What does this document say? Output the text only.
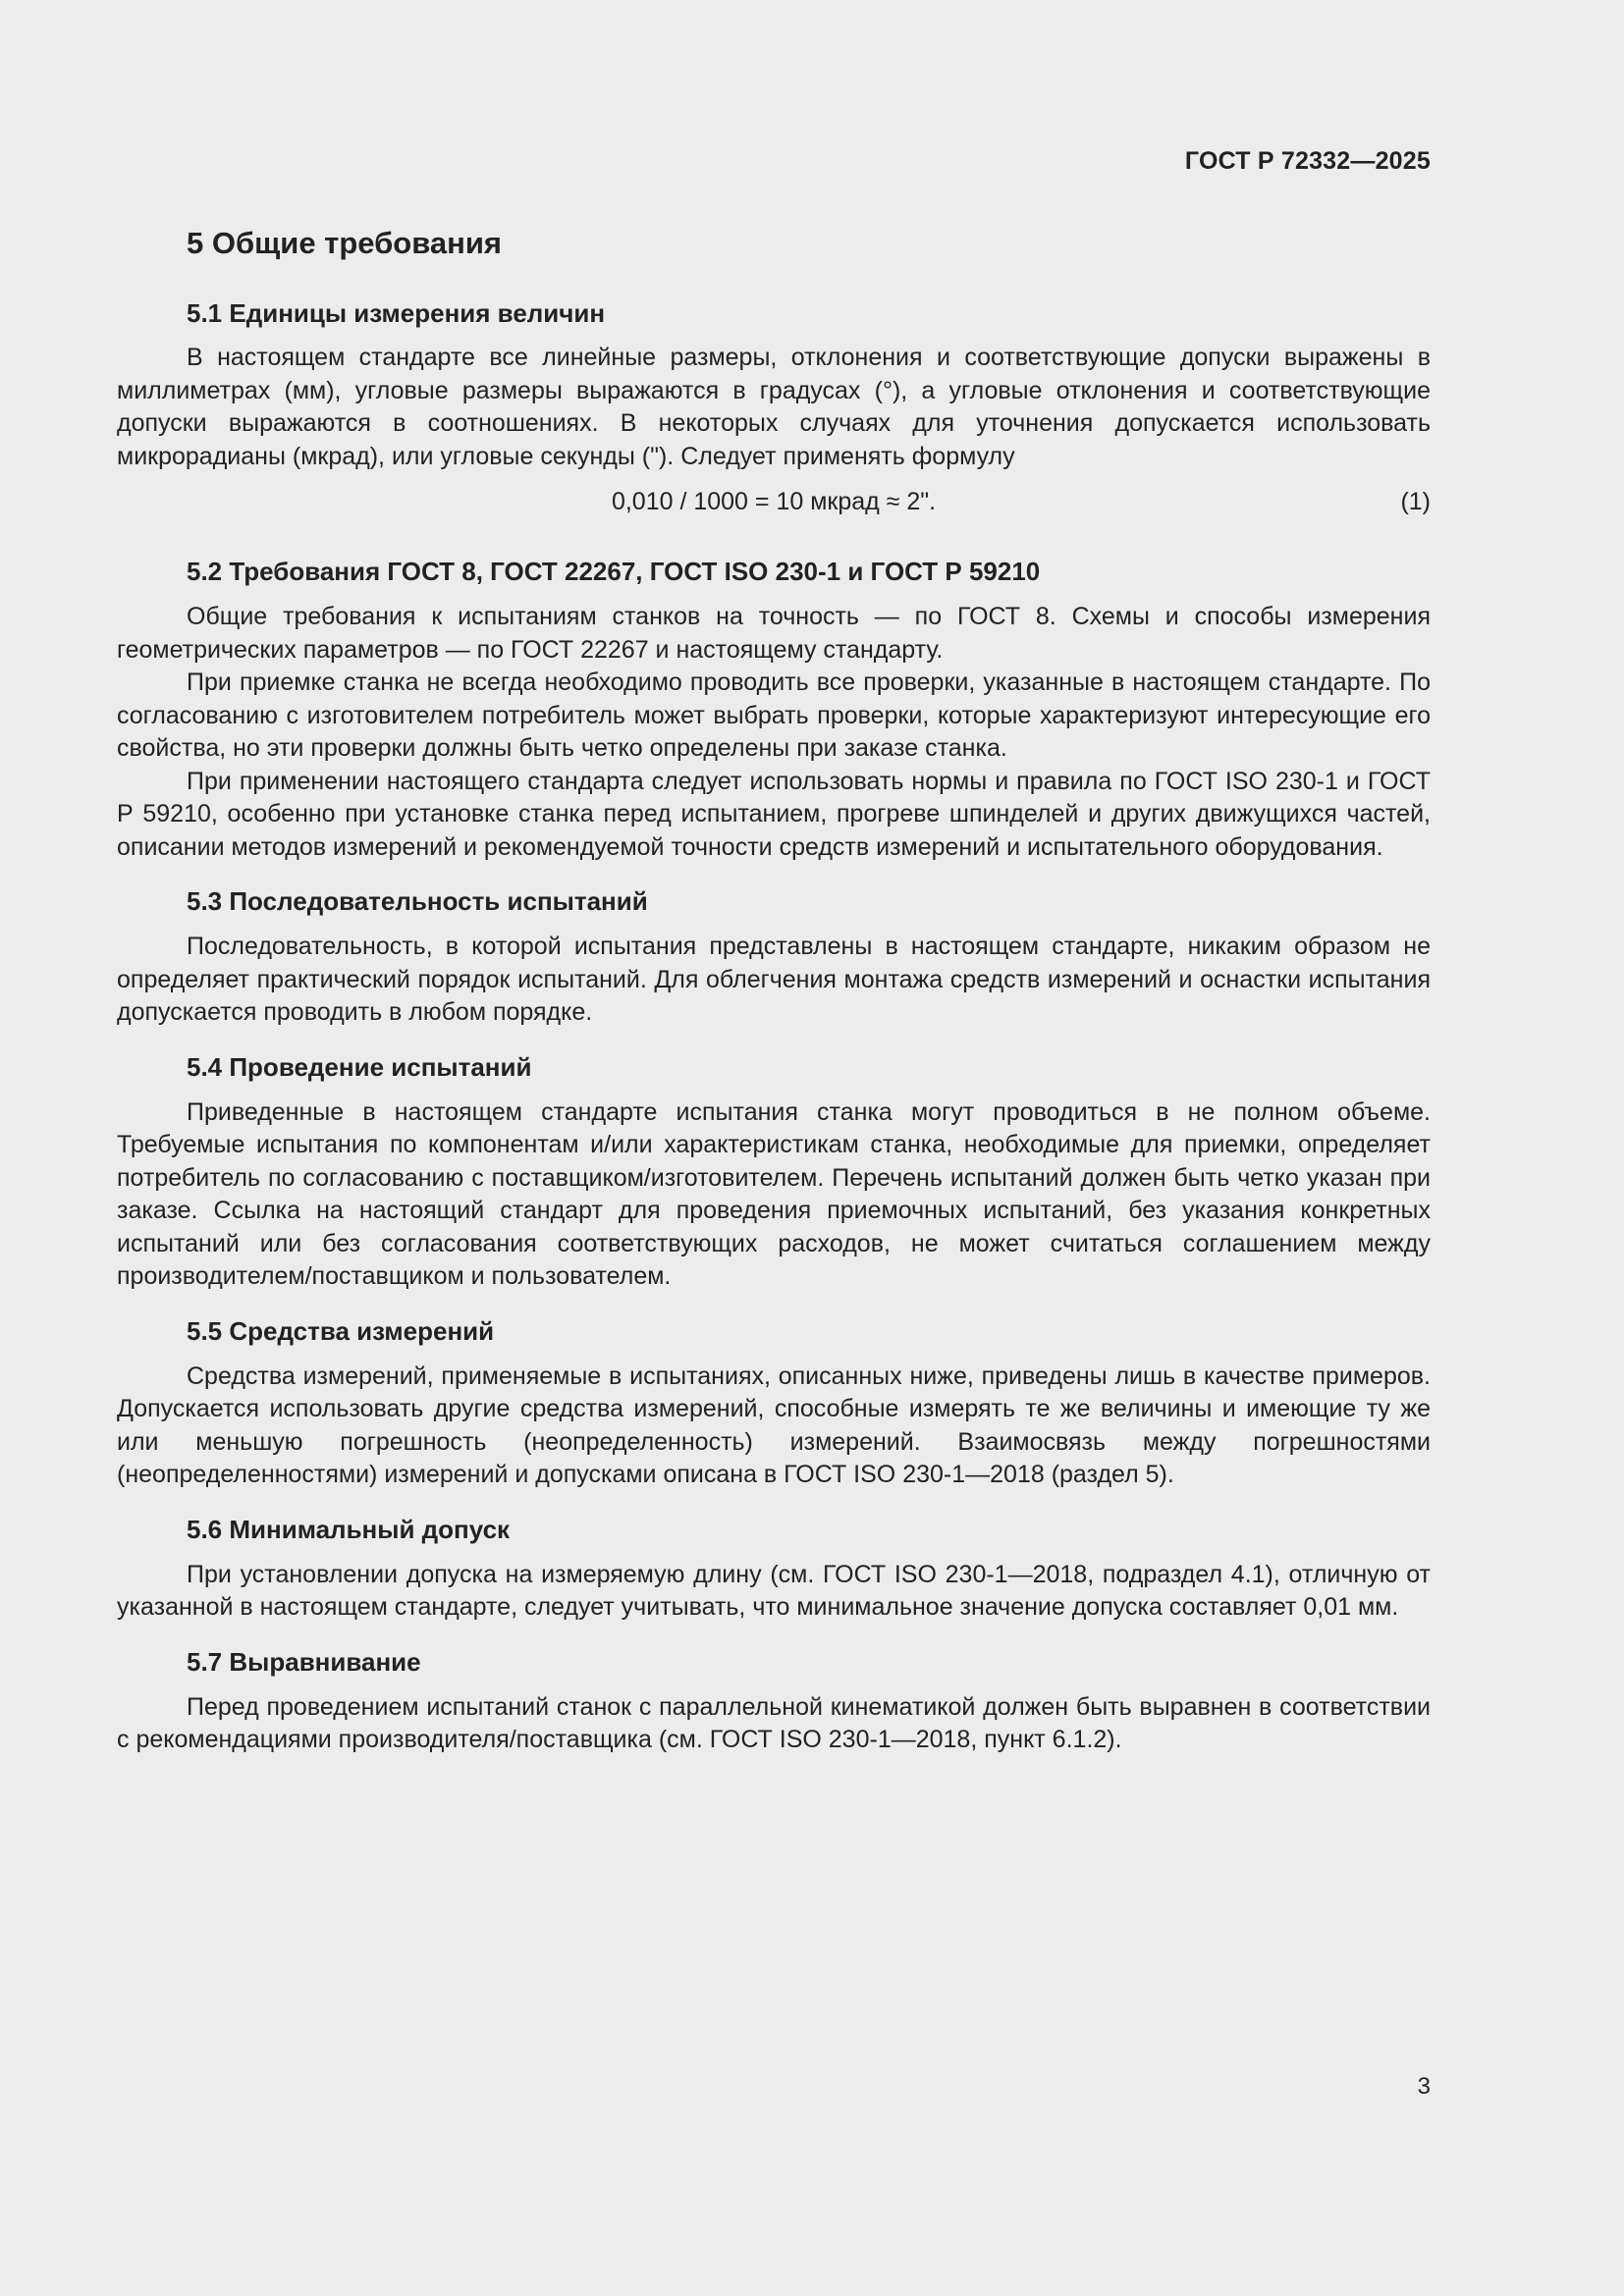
ГОСТ Р 72332—2025
5 Общие требования
5.1 Единицы измерения величин

В настоящем стандарте все линейные размеры, отклонения и соответствующие допуски выражены в миллиметрах (мм), угловые размеры выражаются в градусах (°), а угловые отклонения и соответствующие допуски выражаются в соотношениях. В некоторых случаях для уточнения допускается использовать микрорадианы (мкрад), или угловые секунды ("). Следует применять формулу

0,010 / 1000 = 10 мкрад ≈ 2".	(1)
5.2 Требования ГОСТ 8, ГОСТ 22267, ГОСТ ISO 230-1 и ГОСТ Р 59210

Общие требования к испытаниям станков на точность — по ГОСТ 8. Схемы и способы измерения геометрических параметров — по ГОСТ 22267 и настоящему стандарту.

При приемке станка не всегда необходимо проводить все проверки, указанные в настоящем стандарте. По согласованию с изготовителем потребитель может выбрать проверки, которые характеризуют интересующие его свойства, но эти проверки должны быть четко определены при заказе станка.

При применении настоящего стандарта следует использовать нормы и правила по ГОСТ ISO 230-1 и ГОСТ Р 59210, особенно при установке станка перед испытанием, прогреве шпинделей и других движущихся частей, описании методов измерений и рекомендуемой точности средств измерений и испытательного оборудования.

5.3 Последовательность испытаний

Последовательность, в которой испытания представлены в настоящем стандарте, никаким образом не определяет практический порядок испытаний. Для облегчения монтажа средств измерений и оснастки испытания допускается проводить в любом порядке.

5.4 Проведение испытаний

Приведенные в настоящем стандарте испытания станка могут проводиться в не полном объеме. Требуемые испытания по компонентам и/или характеристикам станка, необходимые для приемки, определяет потребитель по согласованию с поставщиком/изготовителем. Перечень испытаний должен быть четко указан при заказе. Ссылка на настоящий стандарт для проведения приемочных испытаний, без указания конкретных испытаний или без согласования соответствующих расходов, не может считаться соглашением между производителем/поставщиком и пользователем.

5.5 Средства измерений

Средства измерений, применяемые в испытаниях, описанных ниже, приведены лишь в качестве примеров. Допускается использовать другие средства измерений, способные измерять те же величины и имеющие ту же или меньшую погрешность (неопределенность) измерений. Взаимосвязь между погрешностями (неопределенностями) измерений и допусками описана в ГОСТ ISO 230-1—2018 (раздел 5).

5.6 Минимальный допуск

При установлении допуска на измеряемую длину (см. ГОСТ ISO 230-1—2018, подраздел 4.1), отличную от указанной в настоящем стандарте, следует учитывать, что минимальное значение допуска составляет 0,01 мм.

5.7 Выравнивание

Перед проведением испытаний станок с параллельной кинематикой должен быть выравнен в соответствии с рекомендациями производителя/поставщика (см. ГОСТ ISO 230-1—2018, пункт 6.1.2).

3
